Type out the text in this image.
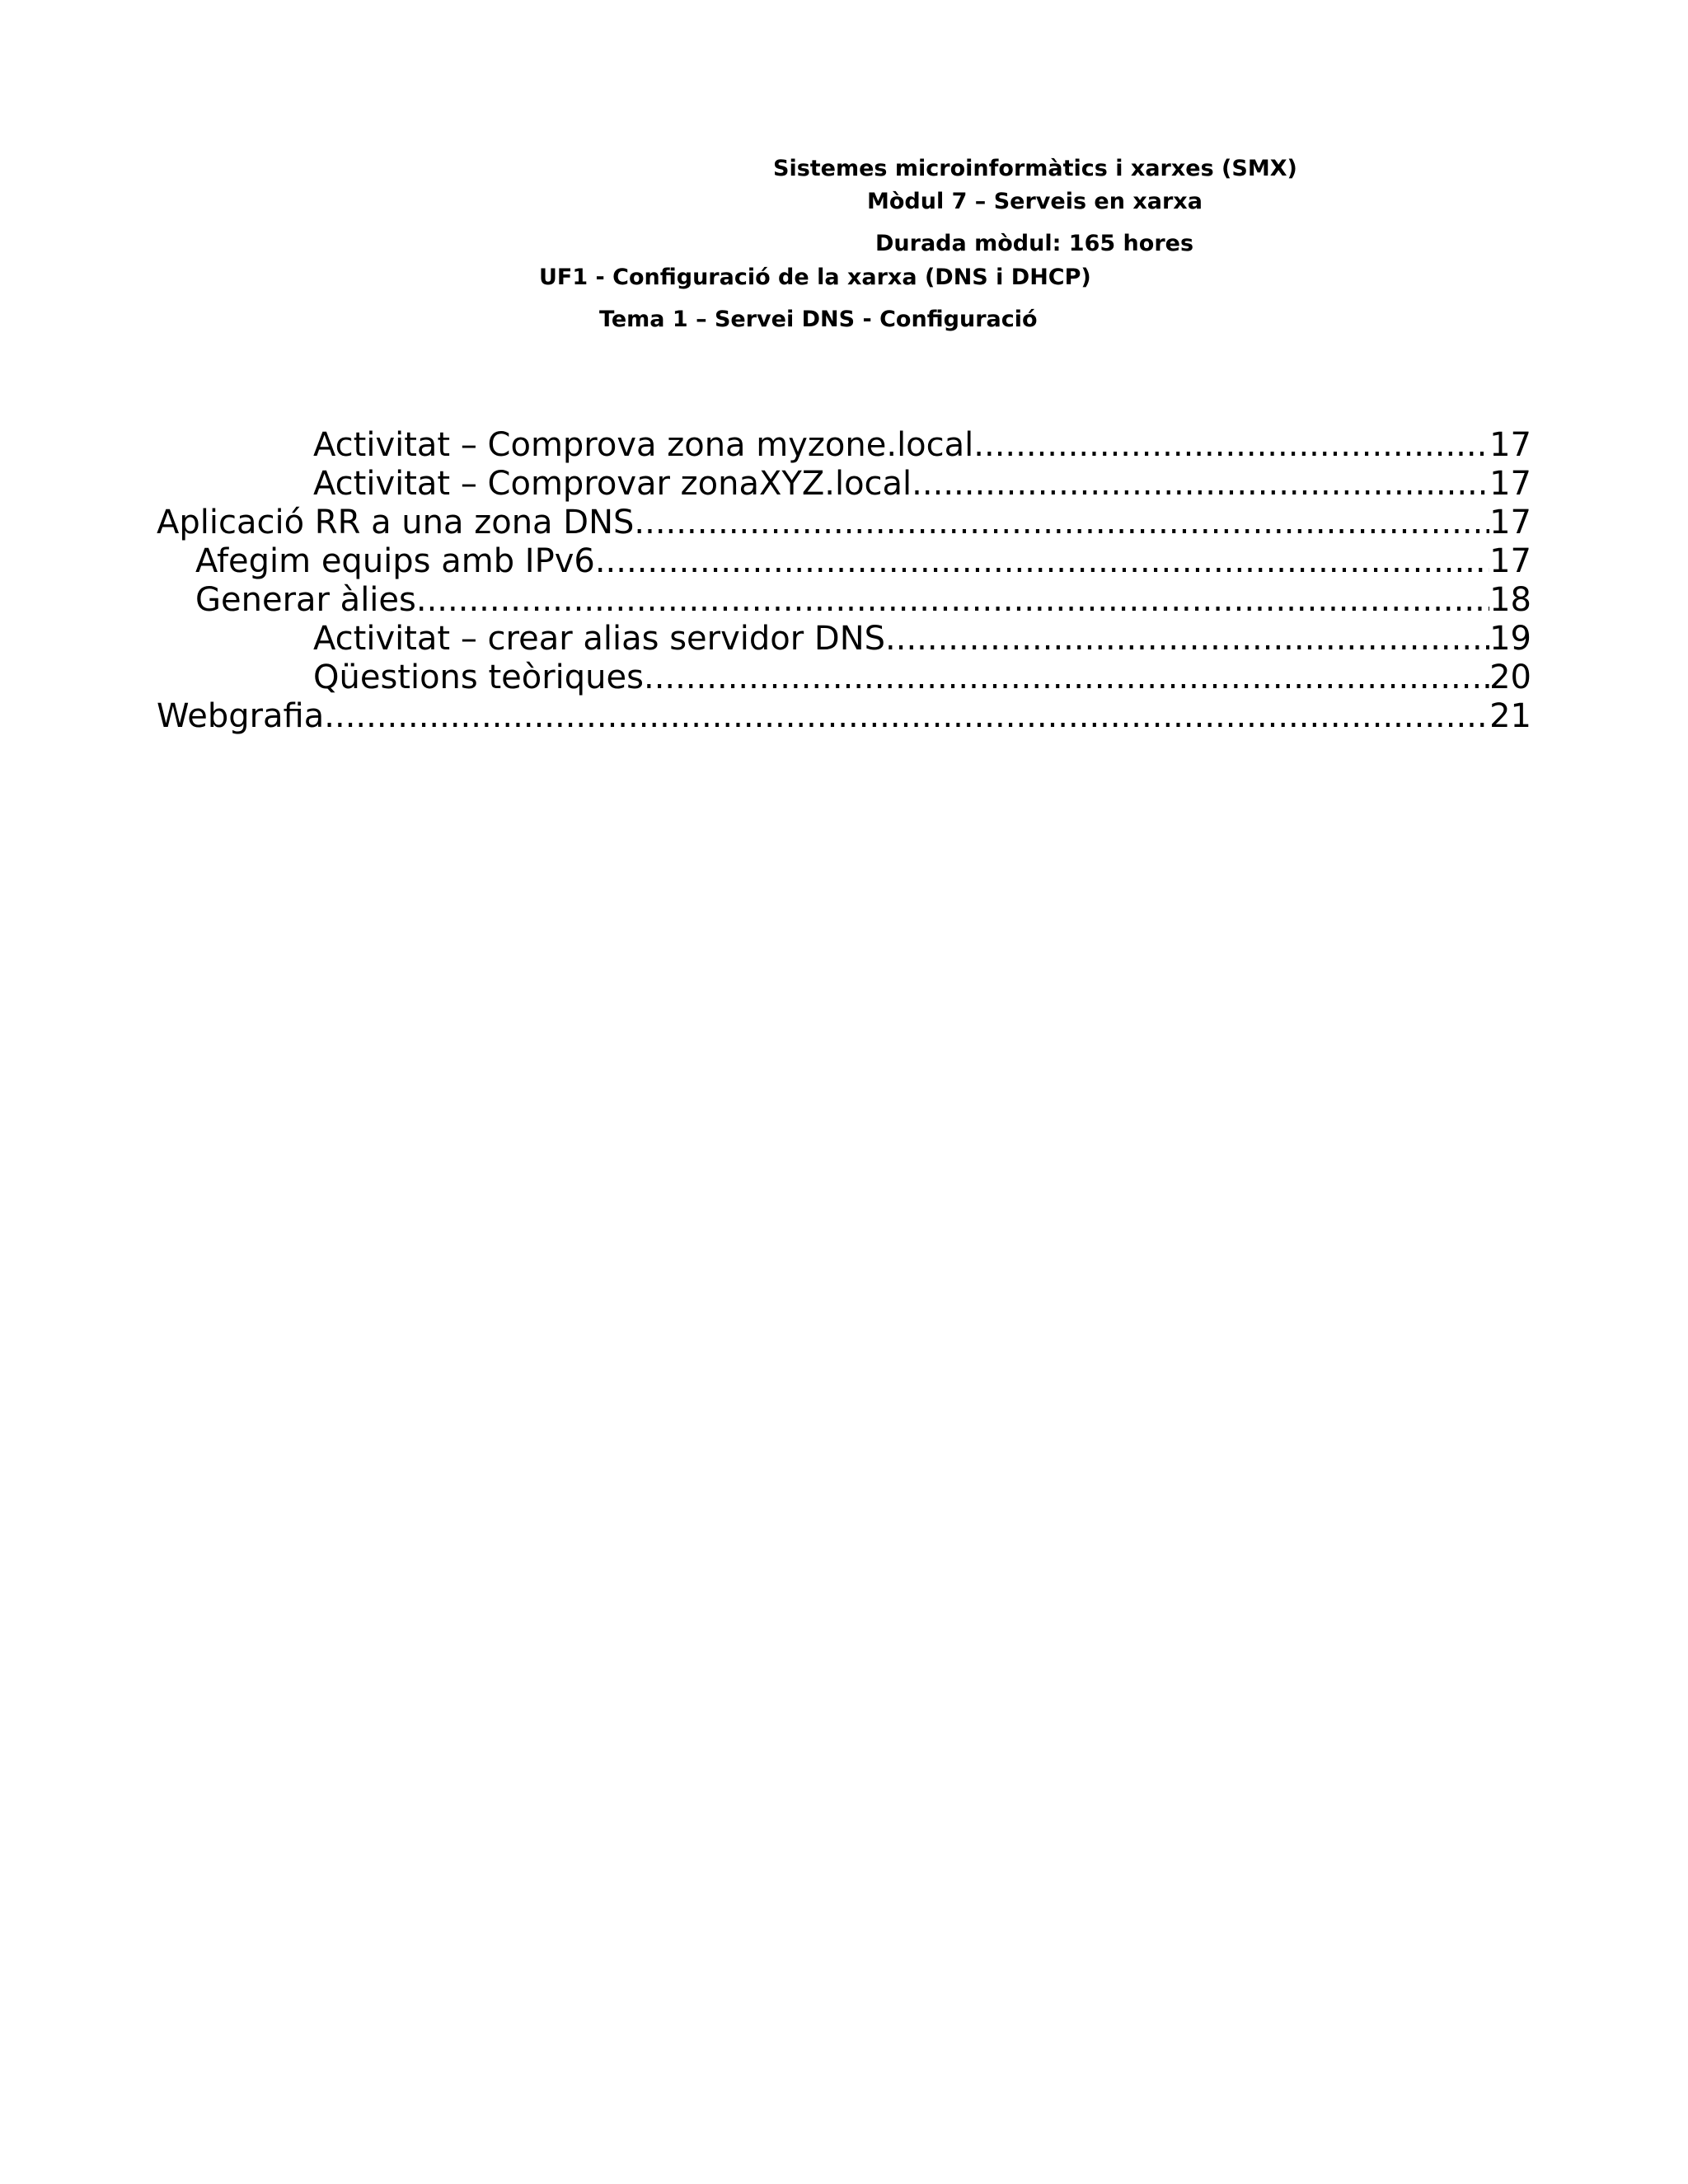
Sistemes microinformàtics i xarxes (SMX)
Mòdul 7 – Serveis en xarxa
Durada mòdul: 165 hores
UF1 - Configuració de la xarxa (DNS i DHCP)
Tema 1 – Servei DNS - Configuració
Activitat – Comprova zona myzone.local .....	17
Activitat – Comprovar zonaXYZ.local .....	17
Aplicació RR a una zona DNS .....	17
Afegim equips amb IPv6 .....	17
Generar àlies .....	18
Activitat – crear alias servidor DNS .....	19
Qüestions teòriques .....	20
Webgrafia .....	21
